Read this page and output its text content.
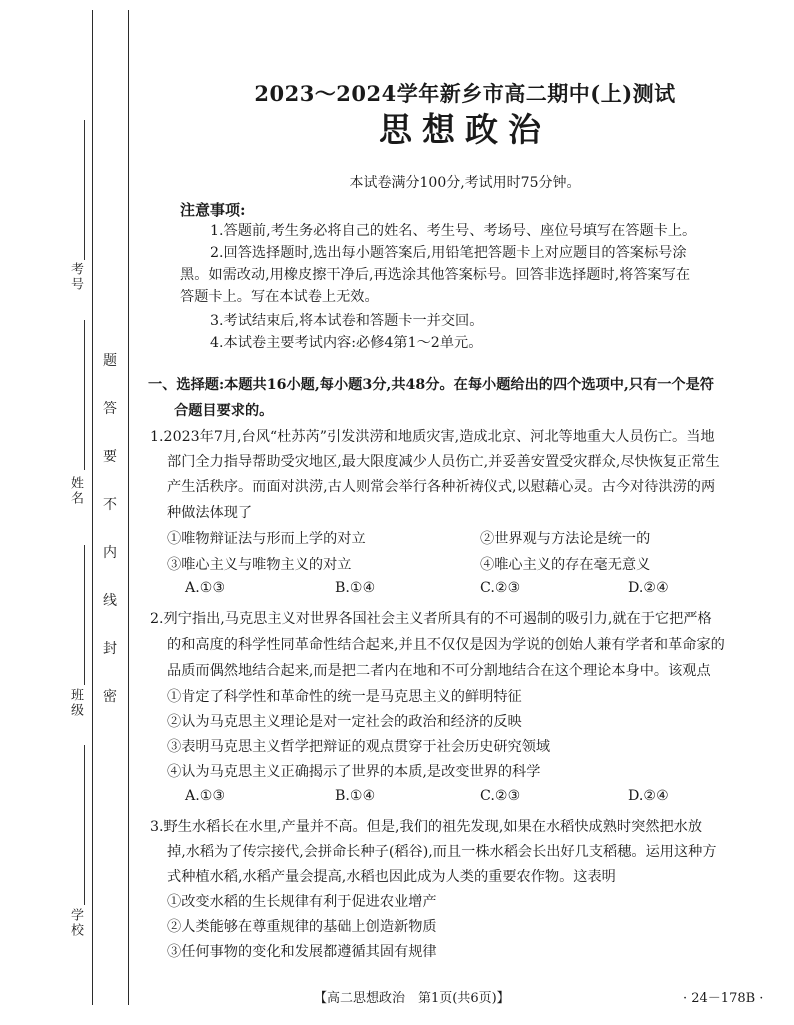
考号
姓名
班级
学校
题
答
要
不
内
线
封
密
2023～2024学年新乡市高二期中(上)测试
思想政治
本试卷满分100分,考试用时75分钟。
注意事项:
1.答题前,考生务必将自己的姓名、考生号、考场号、座位号填写在答题卡上。
2.回答选择题时,选出每小题答案后,用铅笔把答题卡上对应题目的答案标号涂
黑。如需改动,用橡皮擦干净后,再选涂其他答案标号。回答非选择题时,将答案写在
答题卡上。写在本试卷上无效。
3.考试结束后,将本试卷和答题卡一并交回。
4.本试卷主要考试内容:必修4第1～2单元。
一、选择题:本题共16小题,每小题3分,共48分。在每小题给出的四个选项中,只有一个是符
合题目要求的。
1.2023年7月,台风“杜苏芮”引发洪涝和地质灾害,造成北京、河北等地重大人员伤亡。当地
部门全力指导帮助受灾地区,最大限度减少人员伤亡,并妥善安置受灾群众,尽快恢复正常生
产生活秩序。而面对洪涝,古人则常会举行各种祈祷仪式,以慰藉心灵。古今对待洪涝的两
种做法体现了
①唯物辩证法与形而上学的对立	②世界观与方法论是统一的
③唯心主义与唯物主义的对立	④唯心主义的存在毫无意义
A.①③	B.①④	C.②③	D.②④
2.列宁指出,马克思主义对世界各国社会主义者所具有的不可遏制的吸引力,就在于它把严格
的和高度的科学性同革命性结合起来,并且不仅仅是因为学说的创始人兼有学者和革命家的
品质而偶然地结合起来,而是把二者内在地和不可分割地结合在这个理论本身中。该观点
①肯定了科学性和革命性的统一是马克思主义的鲜明特征
②认为马克思主义理论是对一定社会的政治和经济的反映
③表明马克思主义哲学把辩证的观点贯穿于社会历史研究领域
④认为马克思主义正确揭示了世界的本质,是改变世界的科学
A.①③	B.①④	C.②③	D.②④
3.野生水稻长在水里,产量并不高。但是,我们的祖先发现,如果在水稻快成熟时突然把水放
掉,水稻为了传宗接代,会拼命长种子(稻谷),而且一株水稻会长出好几支稻穗。运用这种方
式种植水稻,水稻产量会提高,水稻也因此成为人类的重要农作物。这表明
①改变水稻的生长规律有利于促进农业增产
②人类能够在尊重规律的基础上创造新物质
③任何事物的变化和发展都遵循其固有规律
【高二思想政治　第1页(共6页)】	· 24－178B ·
